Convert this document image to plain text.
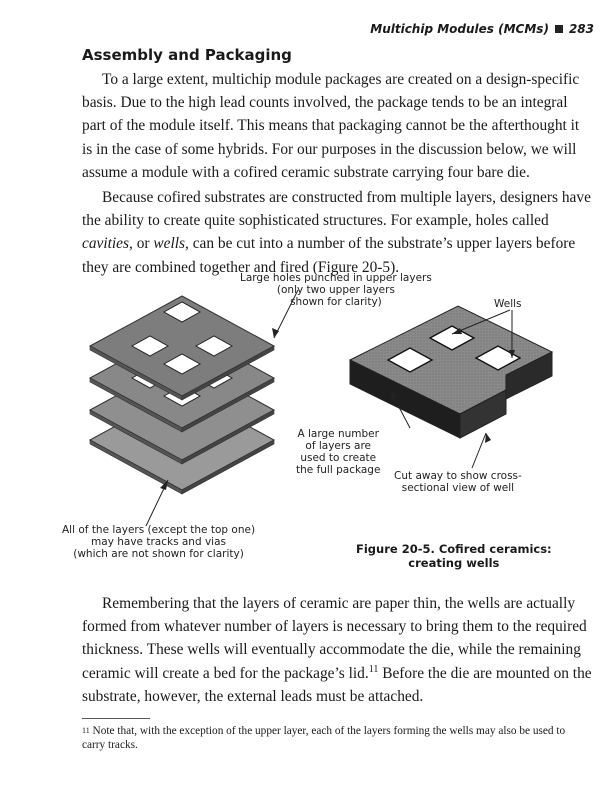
Multichip Modules (MCMs) 283
Assembly and Packaging

To a large extent, multichip module packages are created on a design-specific basis. Due to the high lead counts involved, the package tends to be an integral part of the module itself. This means that packaging cannot be the afterthought it is in the case of some hybrids. For our purposes in the discussion below, we will assume a module with a cofired ceramic substrate carrying four bare die.

Because cofired substrates are constructed from multiple layers, designers have the ability to create quite sophisticated structures. For example, holes called cavities, or wells, can be cut into a number of the substrate’s upper layers before they are combined together and fired (Figure 20-5).

Large holes punched in upper layers
(only two upper layers
shown for clarity)	Wells
A large number
of layers are
used to create
the full package Cut away to show cross-
sectional view of well
All of the layers (except the top one)
may have tracks and vias
(which are not shown for clarity)	Figure 20-5. Cofired ceramics:
creating wells

Remembering that the layers of ceramic are paper thin, the wells are actually formed from whatever number of layers is necessary to bring them to the required thickness. These wells will eventually accommodate the die, while the remaining ceramic will create a bed for the package’s lid.$^{11}$ Before the die are mounted on the substrate, however, the external leads must be attached.

$^{11}$ Note that, with the exception of the upper layer, each of the layers forming the wells may also be used to carry tracks.
